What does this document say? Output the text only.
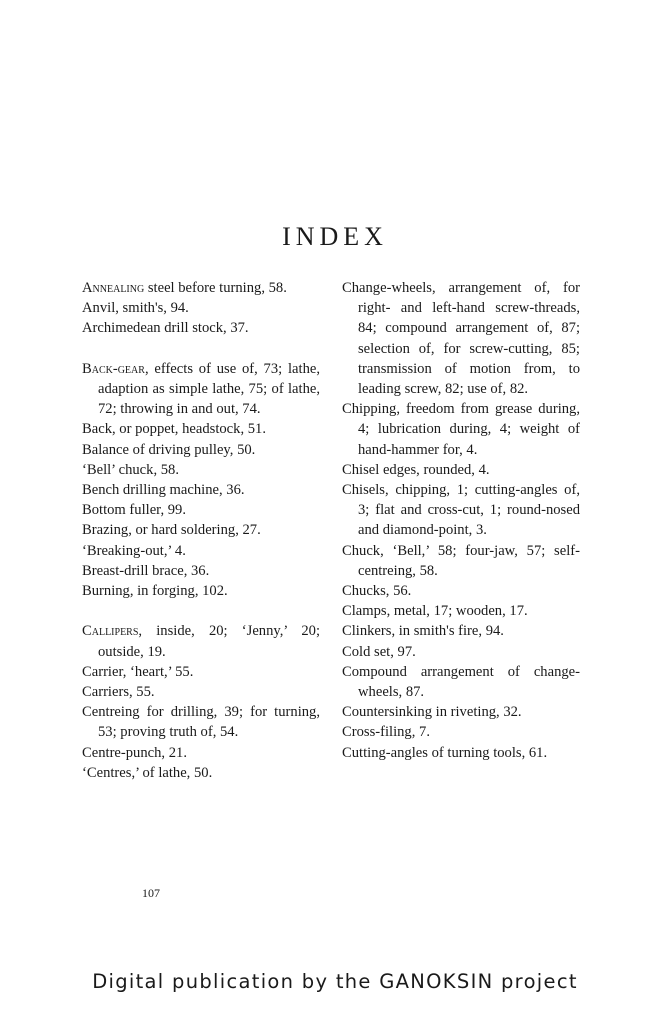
INDEX
Annealing steel before turning, 58.
Anvil, smith's, 94.
Archimedean drill stock, 37.
Back-gear, effects of use of, 73; lathe, adaption as simple lathe, 75; of lathe, 72; throwing in and out, 74.
Back, or poppet, headstock, 51.
Balance of driving pulley, 50.
‘Bell’ chuck, 58.
Bench drilling machine, 36.
Bottom fuller, 99.
Brazing, or hard soldering, 27.
‘Breaking-out,’ 4.
Breast-drill brace, 36.
Burning, in forging, 102.
Callipers, inside, 20; ‘Jenny,’ 20; outside, 19.
Carrier, ‘heart,’ 55.
Carriers, 55.
Centreing for drilling, 39; for turning, 53; proving truth of, 54.
Centre-punch, 21.
‘Centres,’ of lathe, 50.
Change-wheels, arrangement of, for right- and left-hand screw-threads, 84; compound arrangement of, 87; selection of, for screw-cutting, 85; transmission of motion from, to leading screw, 82; use of, 82.
Chipping, freedom from grease during, 4; lubrication during, 4; weight of hand-hammer for, 4.
Chisel edges, rounded, 4.
Chisels, chipping, 1; cutting-angles of, 3; flat and cross-cut, 1; round-nosed and diamond-point, 3.
Chuck, ‘Bell,’ 58; four-jaw, 57; self-centreing, 58.
Chucks, 56.
Clamps, metal, 17; wooden, 17.
Clinkers, in smith's fire, 94.
Cold set, 97.
Compound arrangement of change-wheels, 87.
Countersinking in riveting, 32.
Cross-filing, 7.
Cutting-angles of turning tools, 61.
107
Digital publication by the GANOKSIN project
